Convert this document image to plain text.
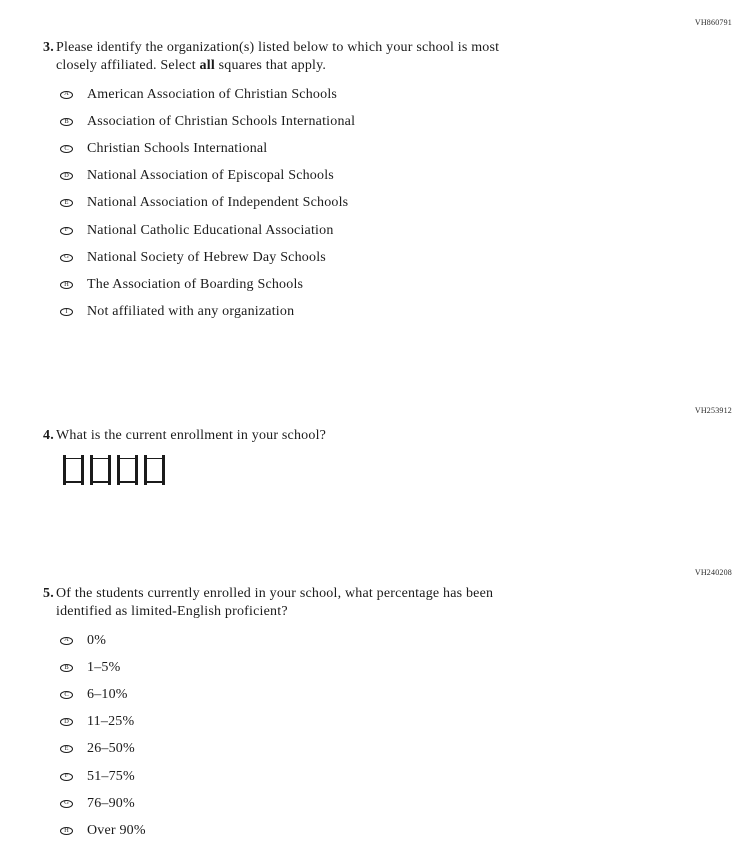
VH860791
3. Please identify the organization(s) listed below to which your school is most
closely affiliated. Select all squares that apply.
A American Association of Christian Schools
B Association of Christian Schools International
C Christian Schools International
D National Association of Episcopal Schools
E National Association of Independent Schools
F National Catholic Educational Association
G National Society of Hebrew Day Schools
H The Association of Boarding Schools
I Not affiliated with any organization
VH253912
4. What is the current enrollment in your school?
VH240208
5. Of the students currently enrolled in your school, what percentage has been
identified as limited-English proficient?
A 0%
B 1–5%
C 6–10%
D 11–25%
E 26–50%
F 51–75%
G 76–90%
H Over 90%
